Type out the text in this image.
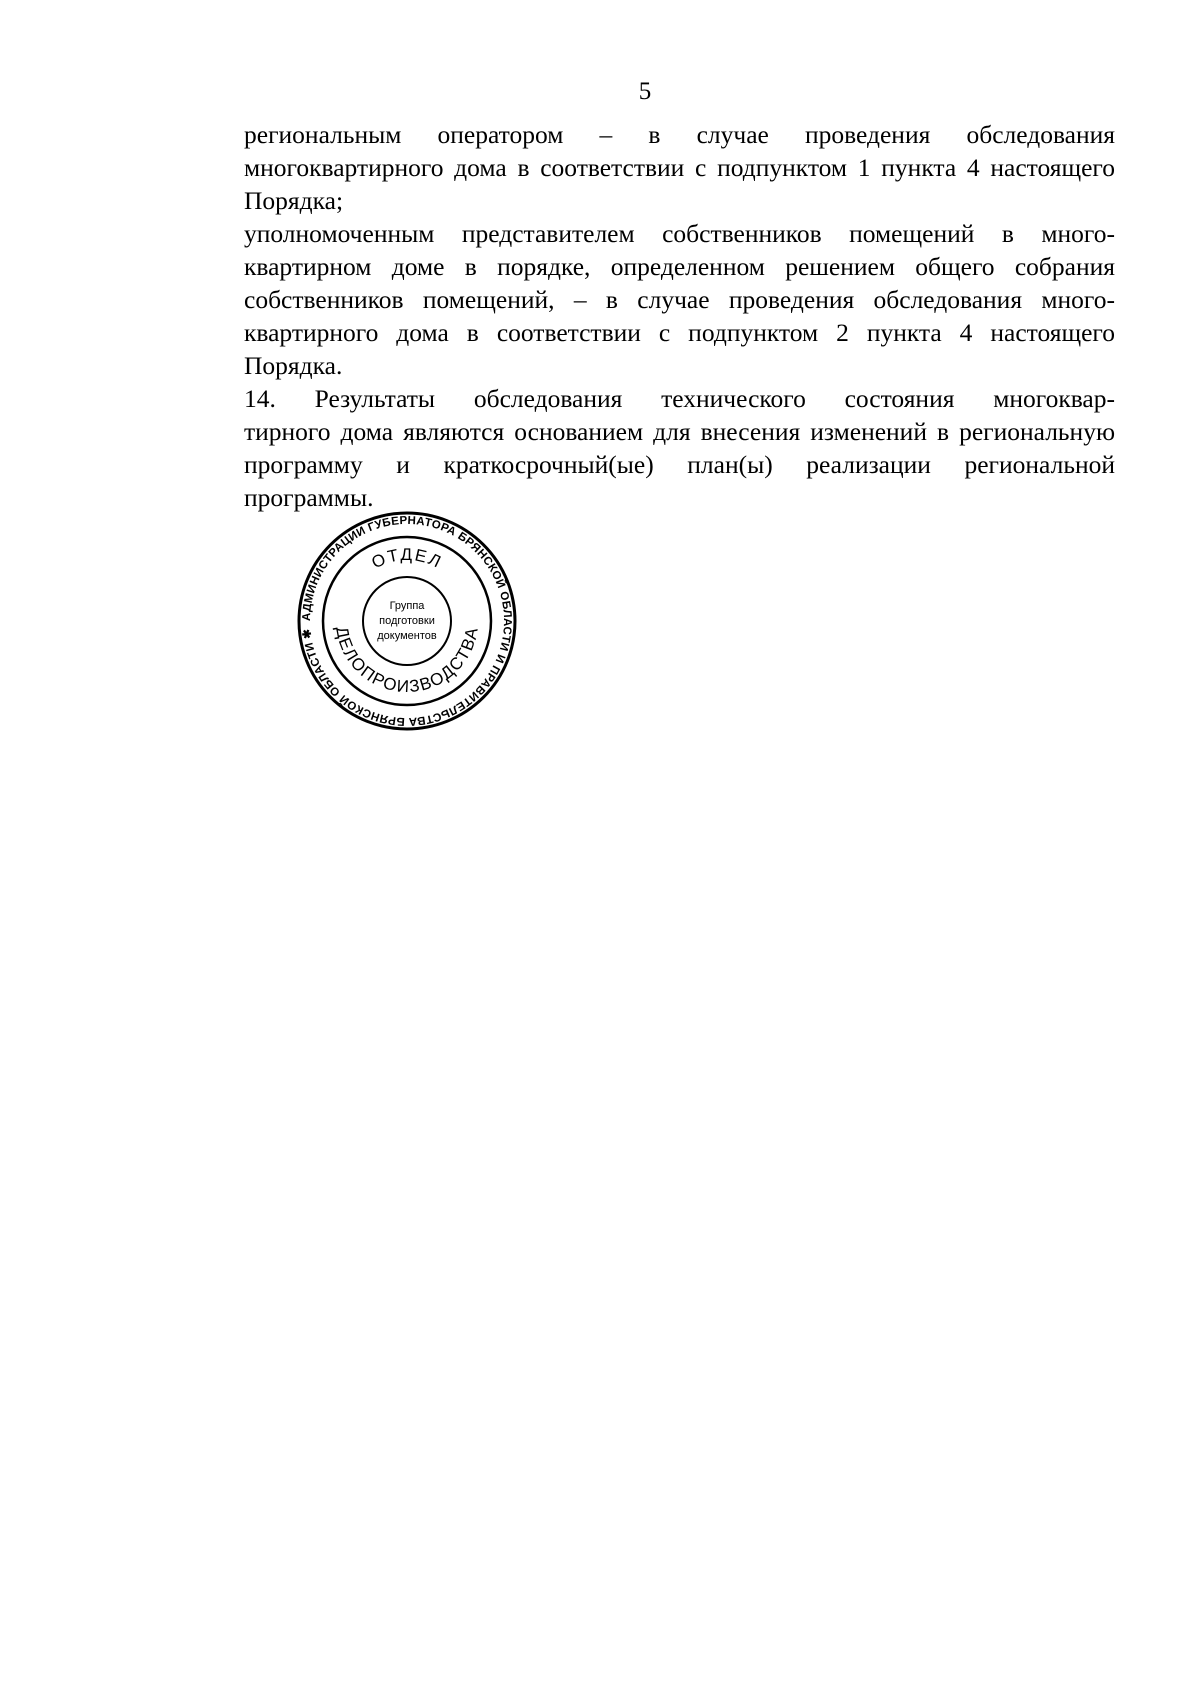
5

региональным оператором – в случае проведения обследования
многоквартирного дома в соответствии с подпунктом 1 пункта 4 настоящего
Порядка;

уполномоченным представителем собственников помещений в много-
квартирном доме в порядке, определенном решением общего собрания
собственников помещений, – в случае проведения обследования много-
квартирного дома в соответствии с подпунктом 2 пункта 4 настоящего
Порядка.

14. Результаты обследования технического состояния многоквар-
тирного дома являются основанием для внесения изменений в региональную
программу и краткосрочный(ые) план(ы) реализации региональной
программы.

АДМИНИСТРАЦИИ ГУБЕРНАТОРА БРЯНСКОЙ ОБЛАСТИ И ПРАВИТЕЛЬСТВА БРЯНСКОЙ ОБЛАСТИ ✱
ОТДЕЛ
ДЕЛОПРОИЗВОДСТВА
Группа
подготовки
документов
